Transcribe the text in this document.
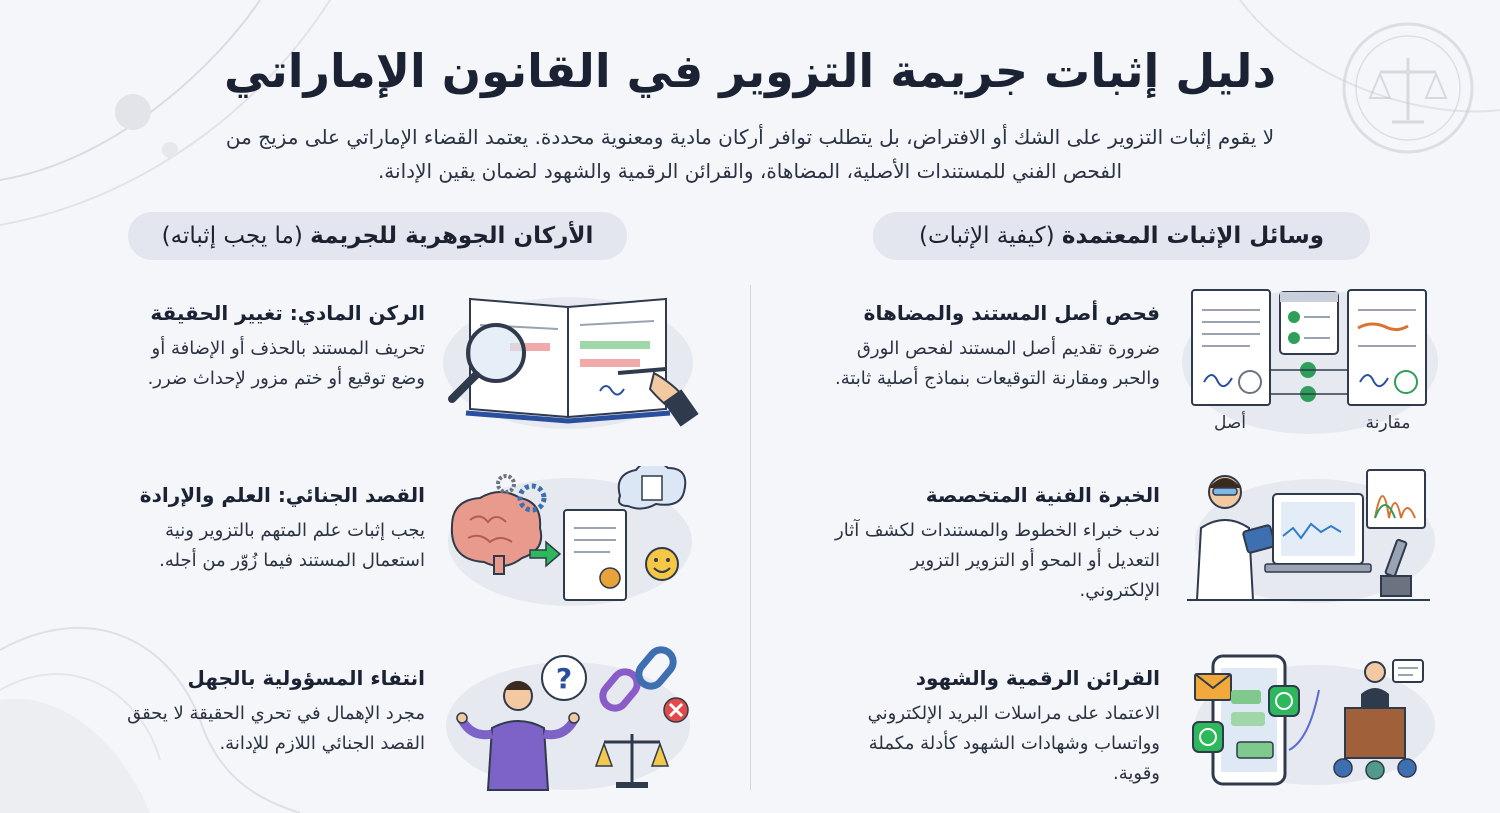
دليل إثبات جريمة التزوير في القانون الإماراتي
لا يقوم إثبات التزوير على الشك أو الافتراض، بل يتطلب توافر أركان مادية ومعنوية محددة. يعتمد القضاء الإماراتي على مزيج من الفحص الفني للمستندات الأصلية، المضاهاة، والقرائن الرقمية والشهود لضمان يقين الإدانة.
وسائل الإثبات المعتمدة (كيفية الإثبات)
الأركان الجوهرية للجريمة (ما يجب إثباته)
فحص أصل المستند والمضاهاة

ضرورة تقديم أصل المستند لفحص الورق والحبر ومقارنة التوقيعات بنماذج أصلية ثابتة.

الخبرة الفنية المتخصصة

ندب خبراء الخطوط والمستندات لكشف آثار التعديل أو المحو أو التزوير التزوير الإلكتروني.

القرائن الرقمية والشهود

الاعتماد على مراسلات البريد الإلكتروني وواتساب وشهادات الشهود كأدلة مكملة وقوية.

الركن المادي: تغيير الحقيقة

تحريف المستند بالحذف أو الإضافة أو وضع توقيع أو ختم مزور لإحداث ضرر.

القصد الجنائي: العلم والإرادة

يجب إثبات علم المتهم بالتزوير ونية استعمال المستند فيما زُوّر من أجله.

انتفاء المسؤولية بالجهل

مجرد الإهمال في تحري الحقيقة لا يحقق القصد الجنائي اللازم للإدانة.

أصل	مقارنة
?
